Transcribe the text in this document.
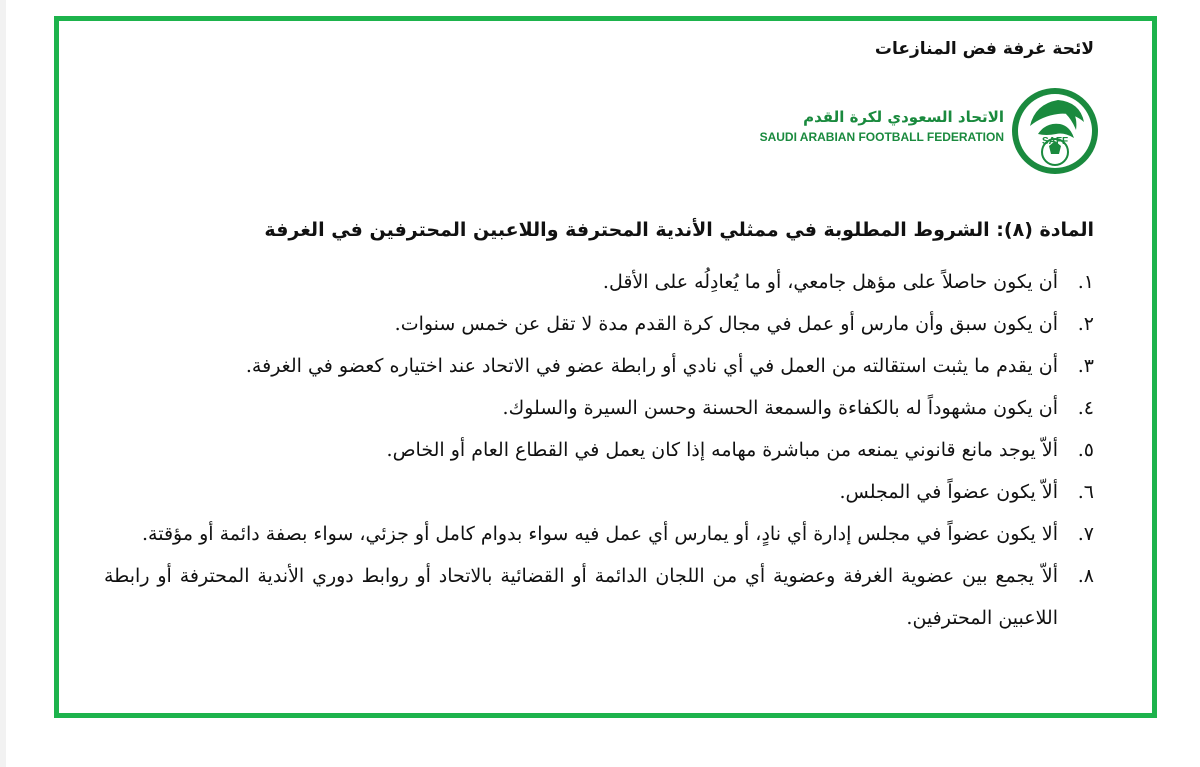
لائحة غرفة فض المنازعات
الاتحاد السعودي لكرة القدم
SAUDI ARABIAN FOOTBALL FEDERATION	SAFF
المادة (٨): الشروط المطلوبة في ممثلي الأندية المحترفة واللاعبين المحترفين في الغرفة
١.
أن يكون حاصلاً على مؤهل جامعي، أو ما يُعادِلُه على الأقل.
٢.
أن يكون سبق وأن مارس أو عمل في مجال كرة القدم مدة لا تقل عن خمس سنوات.
٣.
أن يقدم ما يثبت استقالته من العمل في أي نادي أو رابطة عضو في الاتحاد عند اختياره كعضو في الغرفة.
٤.
أن يكون مشهوداً له بالكفاءة والسمعة الحسنة وحسن السيرة والسلوك.
٥.
ألاّ يوجد مانع قانوني يمنعه من مباشرة مهامه إذا كان يعمل في القطاع العام أو الخاص.
٦.
ألاّ يكون عضواً في المجلس.
٧.
ألا يكون عضواً في مجلس إدارة أي نادٍ، أو يمارس أي عمل فيه سواء بدوام كامل أو جزئي، سواء بصفة دائمة أو مؤقتة.
٨.
ألاّ يجمع بين عضوية الغرفة وعضوية أي من اللجان الدائمة أو القضائية بالاتحاد أو روابط دوري الأندية المحترفة أو رابطة اللاعبين المحترفين.
